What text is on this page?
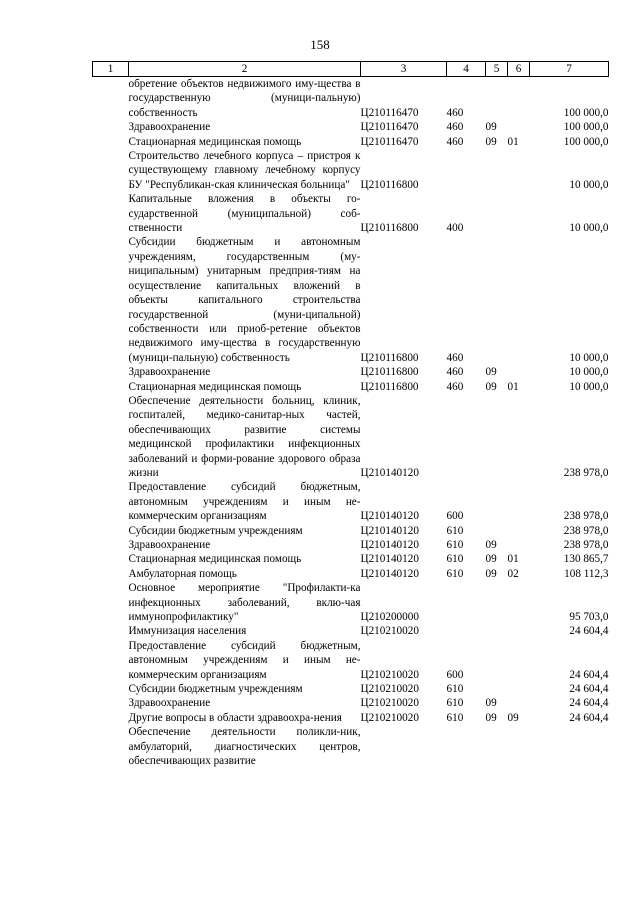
158
1	2	3	4	5	6	7
	обретение объектов недвижимого иму-щества в государственную (муници-пальную) собственность	Ц210116470	460			100 000,0
	Здравоохранение	Ц210116470	460	09		100 000,0
	Стационарная медицинская помощь	Ц210116470	460	09	01	100 000,0
	Строительство лечебного корпуса – пристроя к существующему главному лечебному корпусу БУ "Республикан-ская клиническая больница"	Ц210116800				10 000,0
	Капитальные вложения в объекты го-сударственной (муниципальной) соб-ственности	Ц210116800	400			10 000,0
	Субсидии бюджетным и автономным учреждениям, государственным (му-ниципальным) унитарным предприя-тиям на осуществление капитальных вложений в объекты капитального строительства государственной (муни-ципальной) собственности или приоб-ретение объектов недвижимого иму-щества в государственную (муници-пальную) собственность	Ц210116800	460			10 000,0
	Здравоохранение	Ц210116800	460	09		10 000,0
	Стационарная медицинская помощь	Ц210116800	460	09	01	10 000,0
	Обеспечение деятельности больниц, клиник, госпиталей, медико-санитар-ных частей, обеспечивающих развитие системы медицинской профилактики инфекционных заболеваний и форми-рование здорового образа жизни	Ц210140120				238 978,0
	Предоставление субсидий бюджетным, автономным учреждениям и иным не-коммерческим организациям	Ц210140120	600			238 978,0
	Субсидии бюджетным учреждениям	Ц210140120	610			238 978,0
	Здравоохранение	Ц210140120	610	09		238 978,0
	Стационарная медицинская помощь	Ц210140120	610	09	01	130 865,7
	Амбулаторная помощь	Ц210140120	610	09	02	108 112,3
	Основное мероприятие "Профилакти-ка инфекционных заболеваний, вклю-чая иммунопрофилактику"	Ц210200000				95 703,0
	Иммунизация населения	Ц210210020				24 604,4
	Предоставление субсидий бюджетным, автономным учреждениям и иным не-коммерческим организациям	Ц210210020	600			24 604,4
	Субсидии бюджетным учреждениям	Ц210210020	610			24 604,4
	Здравоохранение	Ц210210020	610	09		24 604,4
	Другие вопросы в области здравоохра-нения	Ц210210020	610	09	09	24 604,4
	Обеспечение деятельности поликли-ник, амбулаторий, диагностических центров, обеспечивающих развитие					
